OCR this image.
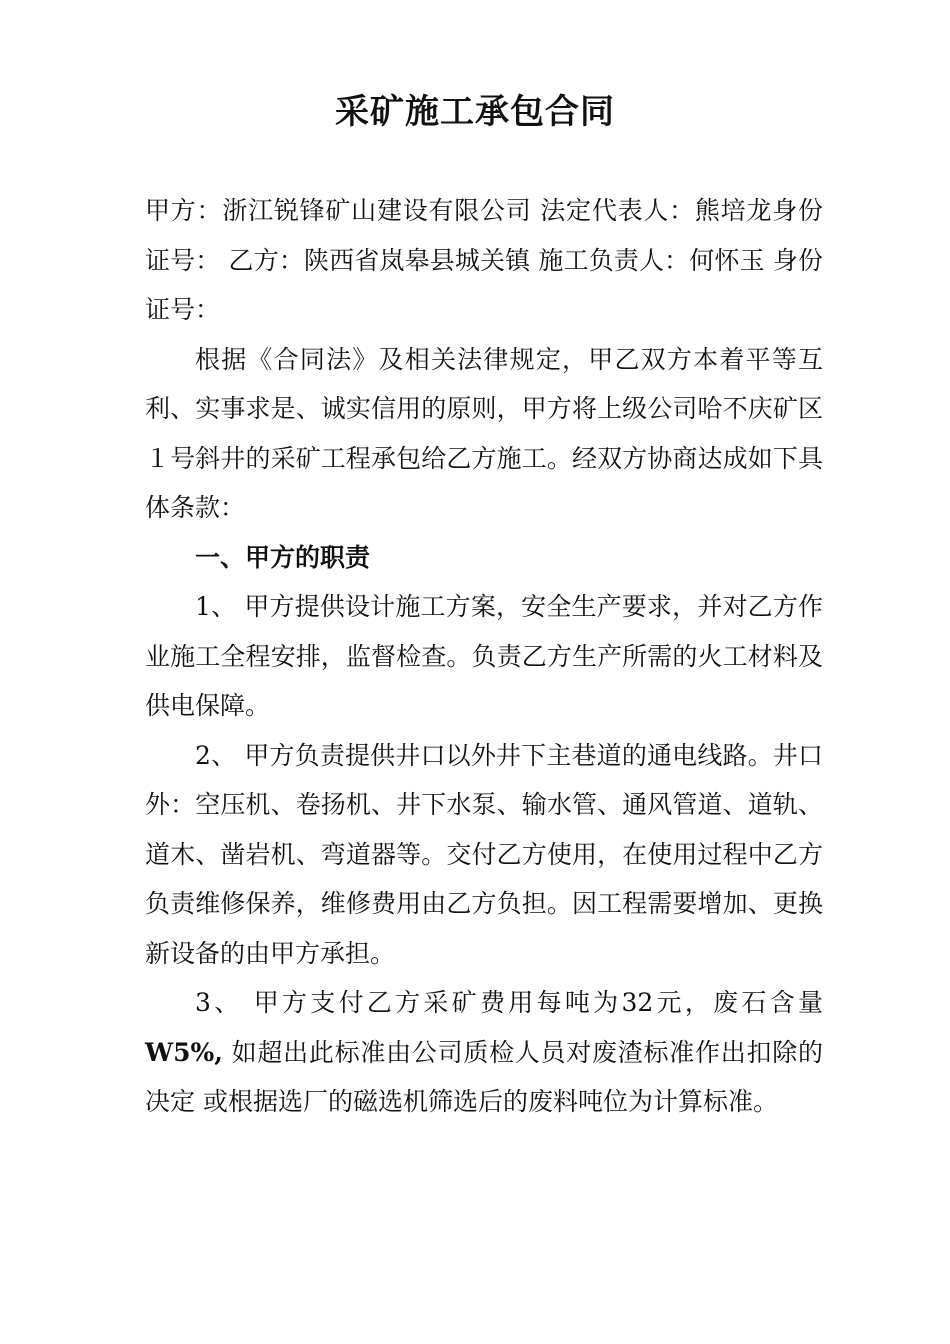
采矿施工承包合同

甲方：浙江锐锋矿山建设有限公司 法定代表人：熊培龙身份证号： 乙方：陕西省岚皋县城关镇 施工负责人：何怀玉 身份证号：

根据《合同法》及相关法律规定，甲乙双方本着平等互利、实事求是、诚实信用的原则，甲方将上级公司哈不庆矿区１号斜井的采矿工程承包给乙方施工。经双方协商达成如下具体条款：

一、甲方的职责

1、 甲方提供设计施工方案，安全生产要求，并对乙方作业施工全程安排，监督检查。负责乙方生产所需的火工材料及供电保障。

2、 甲方负责提供井口以外井下主巷道的通电线路。井口外：空压机、卷扬机、井下水泵、输水管、通风管道、道轨、道木、凿岩机、弯道器等。交付乙方使用，在使用过程中乙方负责维修保养，维修费用由乙方负担。因工程需要增加、更换新设备的由甲方承担。

3、 甲方支付乙方采矿费用每吨为32元，废石含量W5%, 如超出此标准由公司质检人员对废渣标准作出扣除的决定 或根据选厂的磁选机筛选后的废料吨位为计算标准。
